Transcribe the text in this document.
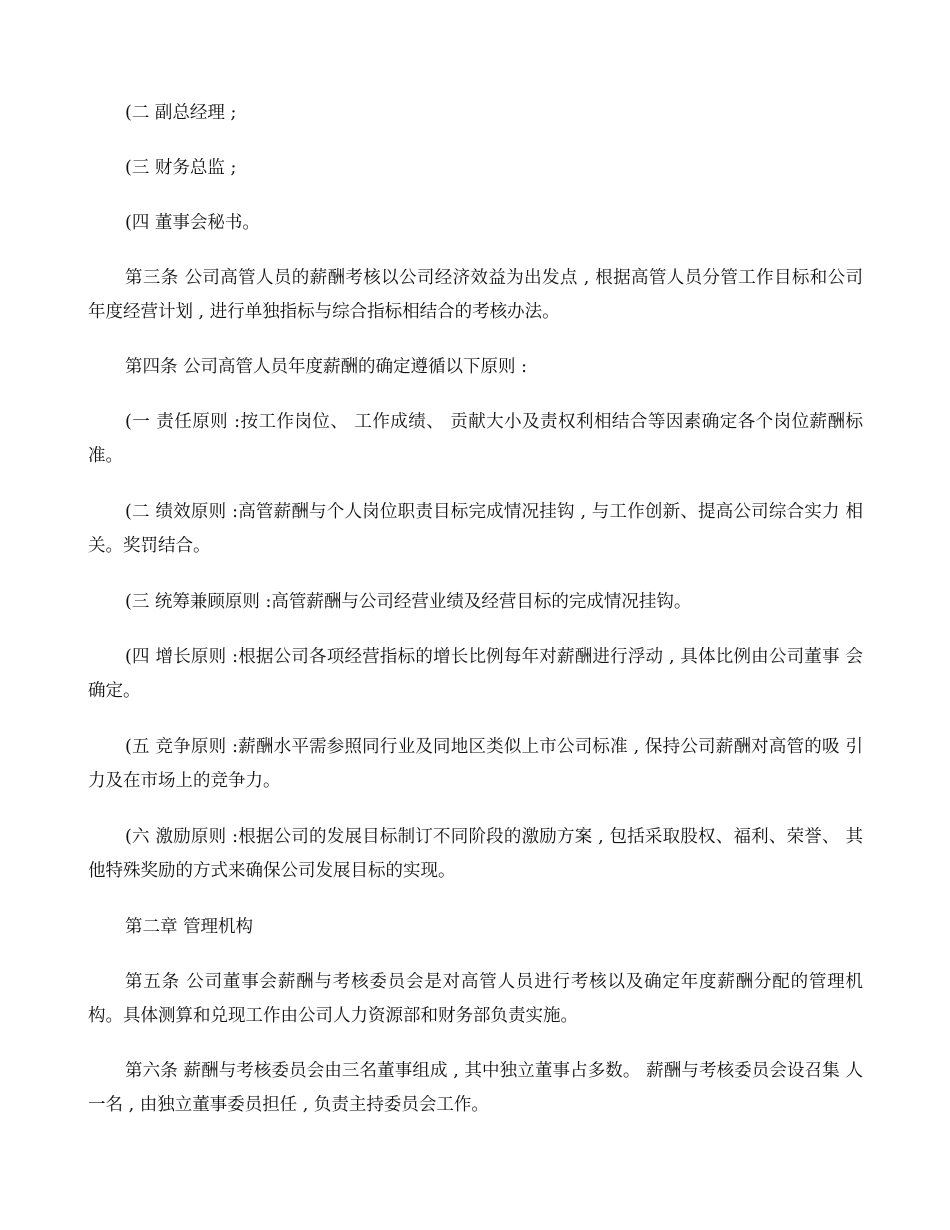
(二 副总经理 ;

(三 财务总监 ;

(四 董事会秘书。

第三条 公司高管人员的薪酬考核以公司经济效益为出发点 , 根据高管人员分管工作目标和公司年度经营计划 , 进行单独指标与综合指标相结合的考核办法。

第四条 公司高管人员年度薪酬的确定遵循以下原则 :

(一 责任原则 :按工作岗位、 工作成绩、 贡献大小及责权利相结合等因素确定各个岗位薪酬标 准。

(二 绩效原则 :高管薪酬与个人岗位职责目标完成情况挂钩 , 与工作创新、提高公司综合实力 相关。奖罚结合。

(三 统筹兼顾原则 :高管薪酬与公司经营业绩及经营目标的完成情况挂钩。

(四 增长原则 :根据公司各项经营指标的增长比例每年对薪酬进行浮动 , 具体比例由公司董事 会确定。

(五 竞争原则 :薪酬水平需参照同行业及同地区类似上市公司标准 , 保持公司薪酬对高管的吸 引力及在市场上的竞争力。

(六 激励原则 :根据公司的发展目标制订不同阶段的激励方案 , 包括采取股权、福利、荣誉、 其他特殊奖励的方式来确保公司发展目标的实现。

第二章 管理机构

第五条 公司董事会薪酬与考核委员会是对高管人员进行考核以及确定年度薪酬分配的管理机构。具体测算和兑现工作由公司人力资源部和财务部负责实施。

第六条 薪酬与考核委员会由三名董事组成 , 其中独立董事占多数。 薪酬与考核委员会设召集 人一名 , 由独立董事委员担任 , 负责主持委员会工作。
